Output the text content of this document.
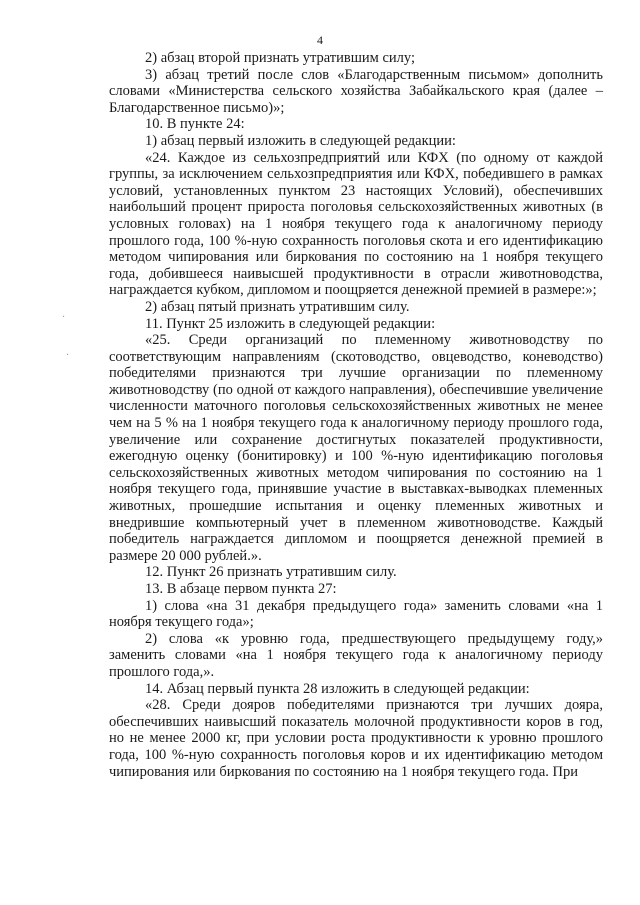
4
·
·

2) абзац второй признать утратившим силу;

3) абзац третий после слов «Благодарственным письмом» дополнить словами «Министерства сельского хозяйства Забайкальского края (далее – Благодарственное письмо)»;

10. В пункте 24:

1) абзац первый изложить в следующей редакции:

«24. Каждое из сельхозпредприятий или КФХ (по одному от каждой группы, за исключением сельхозпредприятия или КФХ, победившего в рамках условий, установленных пунктом 23 настоящих Условий), обеспечивших наибольший процент прироста поголовья сельскохозяйственных животных (в условных головах) на 1 ноября текущего года к аналогичному периоду прошлого года, 100 %-ную сохранность поголовья скота и его идентификацию методом чипирования или биркования по состоянию на 1 ноября текущего года, добившееся наивысшей продуктивности в отрасли животноводства, награждается кубком, дипломом и поощряется денежной премией в размере:»;

2) абзац пятый признать утратившим силу.

11. Пункт 25 изложить в следующей редакции:

«25. Среди организаций по племенному животноводству по соответствующим направлениям (скотоводство, овцеводство, коневодство) победителями признаются три лучшие организации по племенному животноводству (по одной от каждого направления), обеспечившие увеличение численности маточного поголовья сельскохозяйственных животных не менее чем на 5 % на 1 ноября текущего года к аналогичному периоду прошлого года, увеличение или сохранение достигнутых показателей продуктивности, ежегодную оценку (бонитировку) и 100 %-ную идентификацию поголовья сельскохозяйственных животных методом чипирования по состоянию на 1 ноября текущего года, принявшие участие в выставках-выводках племенных животных, прошедшие испытания и оценку племенных животных и внедрившие компьютерный учет в племенном животноводстве. Каждый победитель награждается дипломом и поощряется денежной премией в размере 20 000 рублей.».

12. Пункт 26 признать утратившим силу.

13. В абзаце первом пункта 27:

1) слова «на 31 декабря предыдущего года» заменить словами «на 1 ноября текущего года»;

2) слова «к уровню года, предшествующего предыдущему году,» заменить словами «на 1 ноября текущего года к аналогичному периоду прошлого года,».

14. Абзац первый пункта 28 изложить в следующей редакции:

«28. Среди дояров победителями признаются три лучших дояра, обеспечивших наивысший показатель молочной продуктивности коров в год, но не менее 2000 кг, при условии роста продуктивности к уровню прошлого года, 100 %-ную сохранность поголовья коров и их идентификацию методом чипирования или биркования по состоянию на 1 ноября текущего года. При
